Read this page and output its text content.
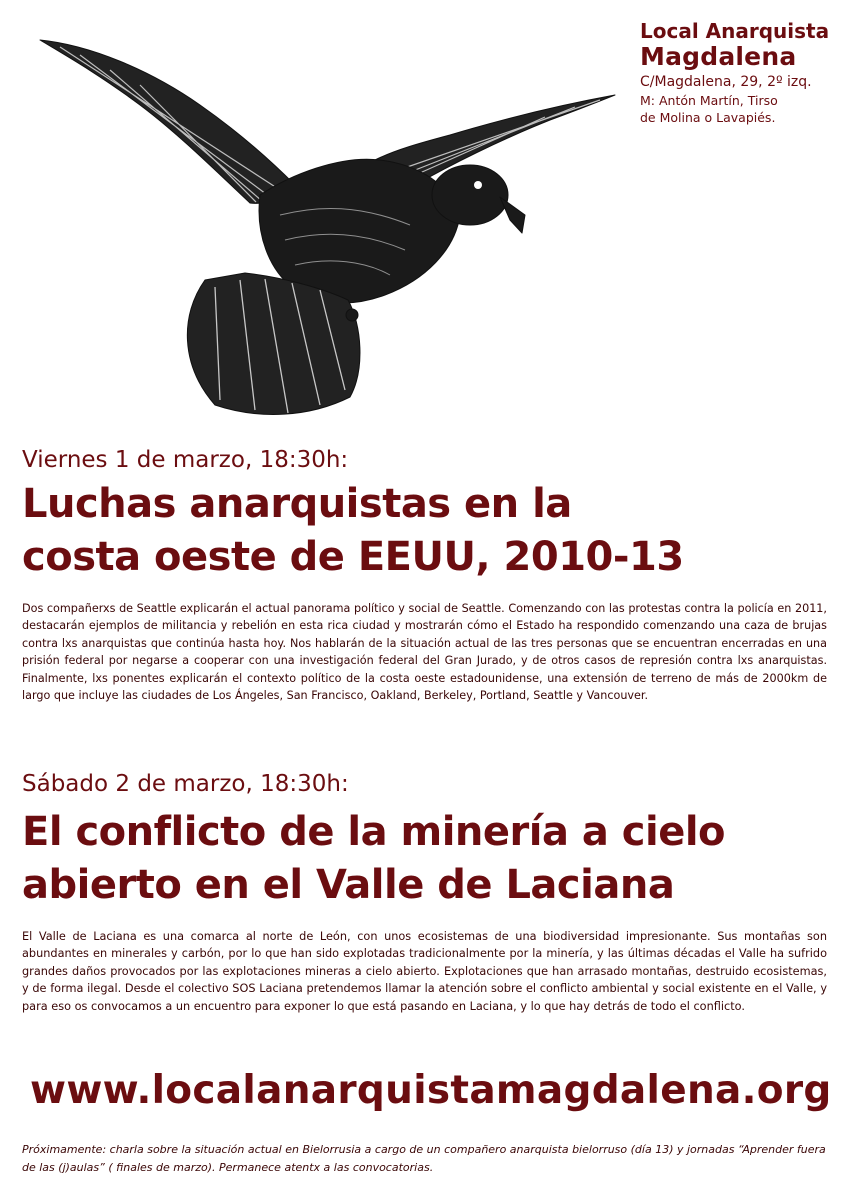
Local Anarquista
Magdalena
C/Magdalena, 29, 2º izq.
M: Antón Martín, Tirso
de Molina o Lavapiés.
Viernes 1 de marzo, 18:30h:
Luchas anarquistas en la
costa oeste de EEUU, 2010-13
Dos compañerxs de Seattle explicarán el actual panorama político y social de Seattle. Comenzando con las protestas contra la policía en 2011, destacarán ejemplos de militancia y rebelión en esta rica ciudad y mostrarán cómo el Estado ha respondido comenzando una caza de brujas contra lxs anarquistas que continúa hasta hoy. Nos hablarán de la situación actual de las tres personas que se encuentran encerradas en una prisión federal por negarse a cooperar con una investigación federal del Gran Jurado, y de otros casos de represión contra lxs anarquistas. Finalmente, lxs ponentes explicarán el contexto político de la costa oeste estadounidense, una extensión de terreno de más de 2000km de largo que incluye las ciudades de Los Ángeles, San Francisco, Oakland, Berkeley, Portland, Seattle y Vancouver.
Sábado 2 de marzo, 18:30h:
El conflicto de la minería a cielo
abierto en el Valle de Laciana
El Valle de Laciana es una comarca al norte de León, con unos ecosistemas de una biodiversidad impresionante. Sus montañas son abundantes en minerales y carbón, por lo que han sido explotadas tradicionalmente por la minería, y las últimas décadas el Valle ha sufrido grandes daños provocados por las explotaciones mineras a cielo abierto. Explotaciones que han arrasado montañas, destruido ecosistemas, y de forma ilegal. Desde el colectivo SOS Laciana pretendemos llamar la atención sobre el conflicto ambiental y social existente en el Valle, y para eso os convocamos a un encuentro para exponer lo que está pasando en Laciana, y lo que hay detrás de todo el conflicto.
www.localanarquistamagdalena.org
Próximamente: charla sobre la situación actual en Bielorrusia a cargo de un compañero anarquista bielorruso (día 13) y jornadas “Aprender fuera de las (j)aulas” ( finales de marzo). Permanece atentx a las convocatorias.
